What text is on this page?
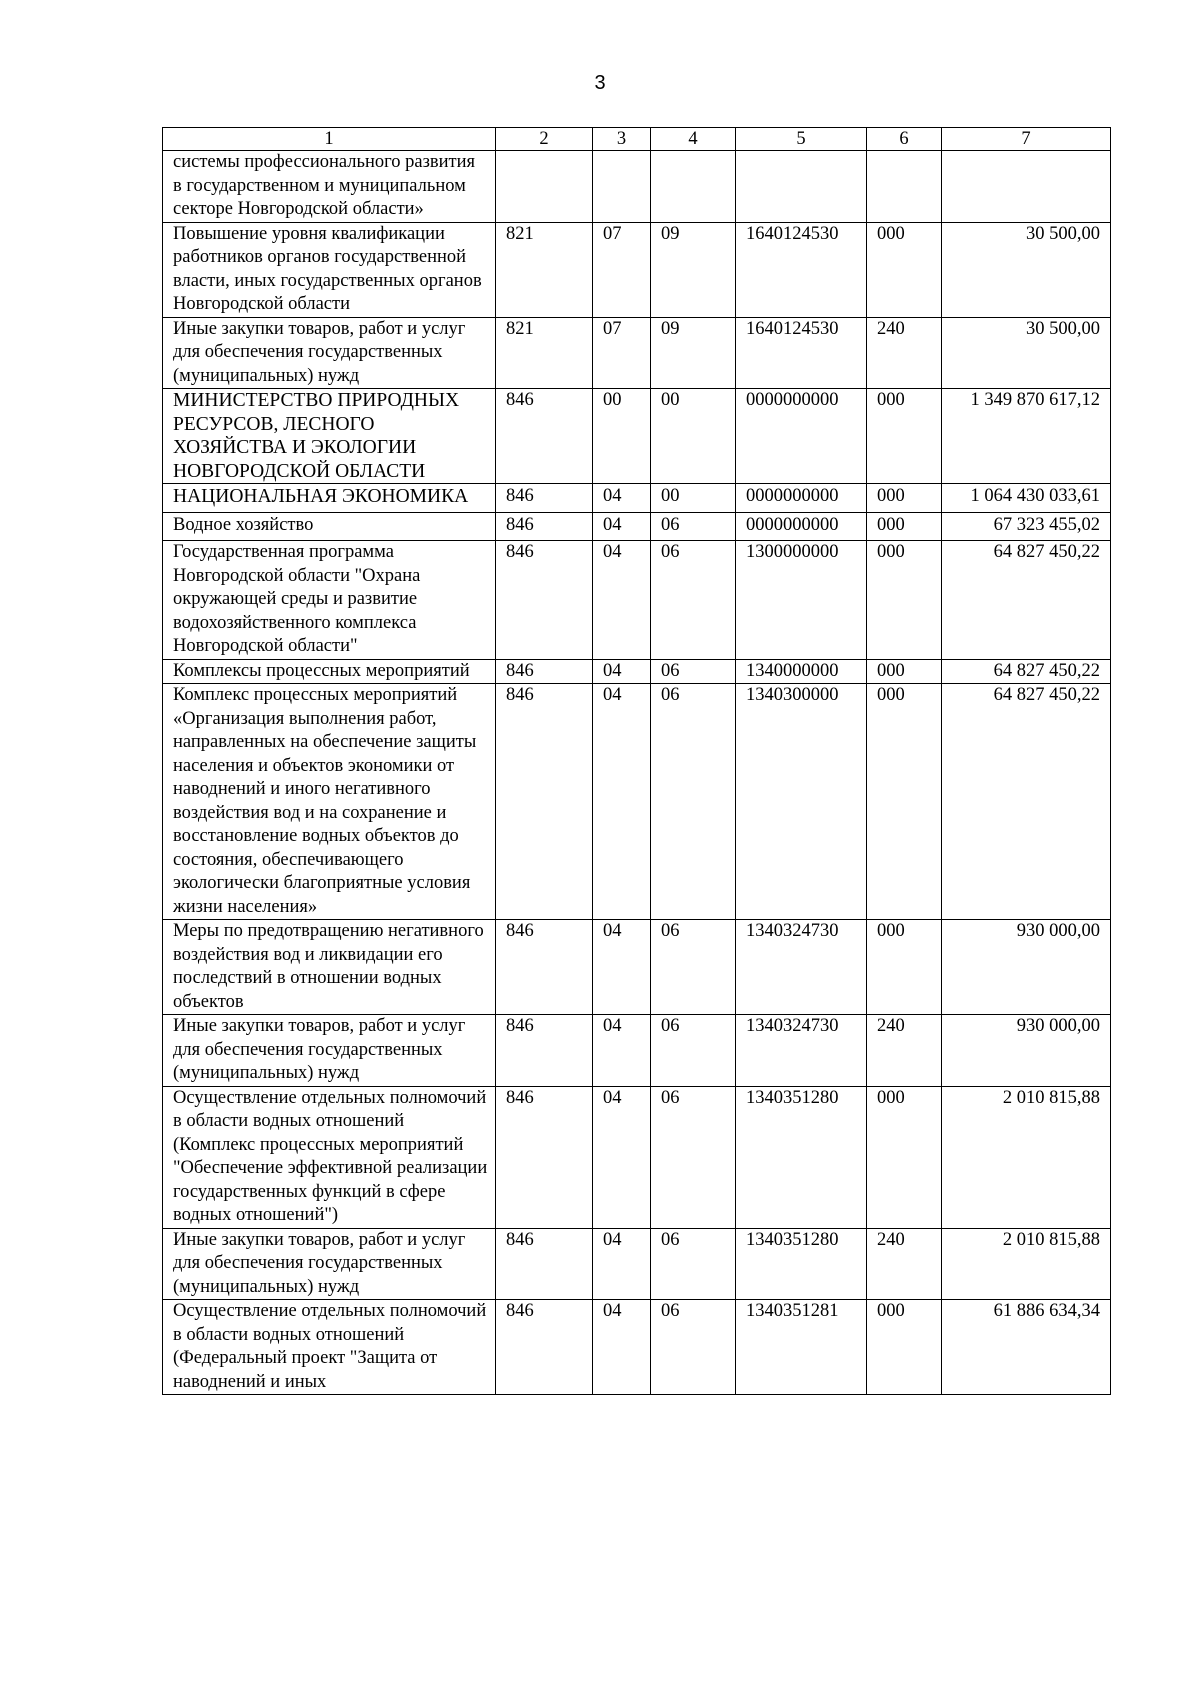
3
1	2	3	4	5	6	7
системы профессионального развития в государственном и муниципальном секторе Новгородской области»						
Повышение уровня квалификации работников органов государственной власти, иных государственных органов Новгородской области	821	07	09	1640124530	000	30 500,00
Иные закупки товаров, работ и услуг для обеспечения государственных (муниципальных) нужд	821	07	09	1640124530	240	30 500,00
МИНИСТЕРСТВО ПРИРОДНЫХ РЕСУРСОВ, ЛЕСНОГО ХОЗЯЙСТВА И ЭКОЛОГИИ НОВГОРОДСКОЙ ОБЛАСТИ	846	00	00	0000000000	000	1 349 870 617,12
НАЦИОНАЛЬНАЯ ЭКОНОМИКА	846	04	00	0000000000	000	1 064 430 033,61
Водное хозяйство	846	04	06	0000000000	000	67 323 455,02
Государственная программа Новгородской области "Охрана окружающей среды и развитие водохозяйственного комплекса Новгородской области"	846	04	06	1300000000	000	64 827 450,22
Комплексы процессных мероприятий	846	04	06	1340000000	000	64 827 450,22
Комплекс процессных мероприятий «Организация выполнения работ, направленных на обеспечение защиты населения и объектов экономики от наводнений и иного негативного воздействия вод и на сохранение и восстановление водных объектов до состояния, обеспечивающего экологически благоприятные условия жизни населения»	846	04	06	1340300000	000	64 827 450,22
Меры по предотвращению негативного воздействия вод и ликвидации его последствий в отношении водных объектов	846	04	06	1340324730	000	930 000,00
Иные закупки товаров, работ и услуг для обеспечения государственных (муниципальных) нужд	846	04	06	1340324730	240	930 000,00
Осуществление отдельных полномочий в области водных отношений (Комплекс процессных мероприятий "Обеспечение эффективной реализации государственных функций в сфере водных отношений")	846	04	06	1340351280	000	2 010 815,88
Иные закупки товаров, работ и услуг для обеспечения государственных (муниципальных) нужд	846	04	06	1340351280	240	2 010 815,88
Осуществление отдельных полномочий в области водных отношений (Федеральный проект "Защита от наводнений и иных	846	04	06	1340351281	000	61 886 634,34
